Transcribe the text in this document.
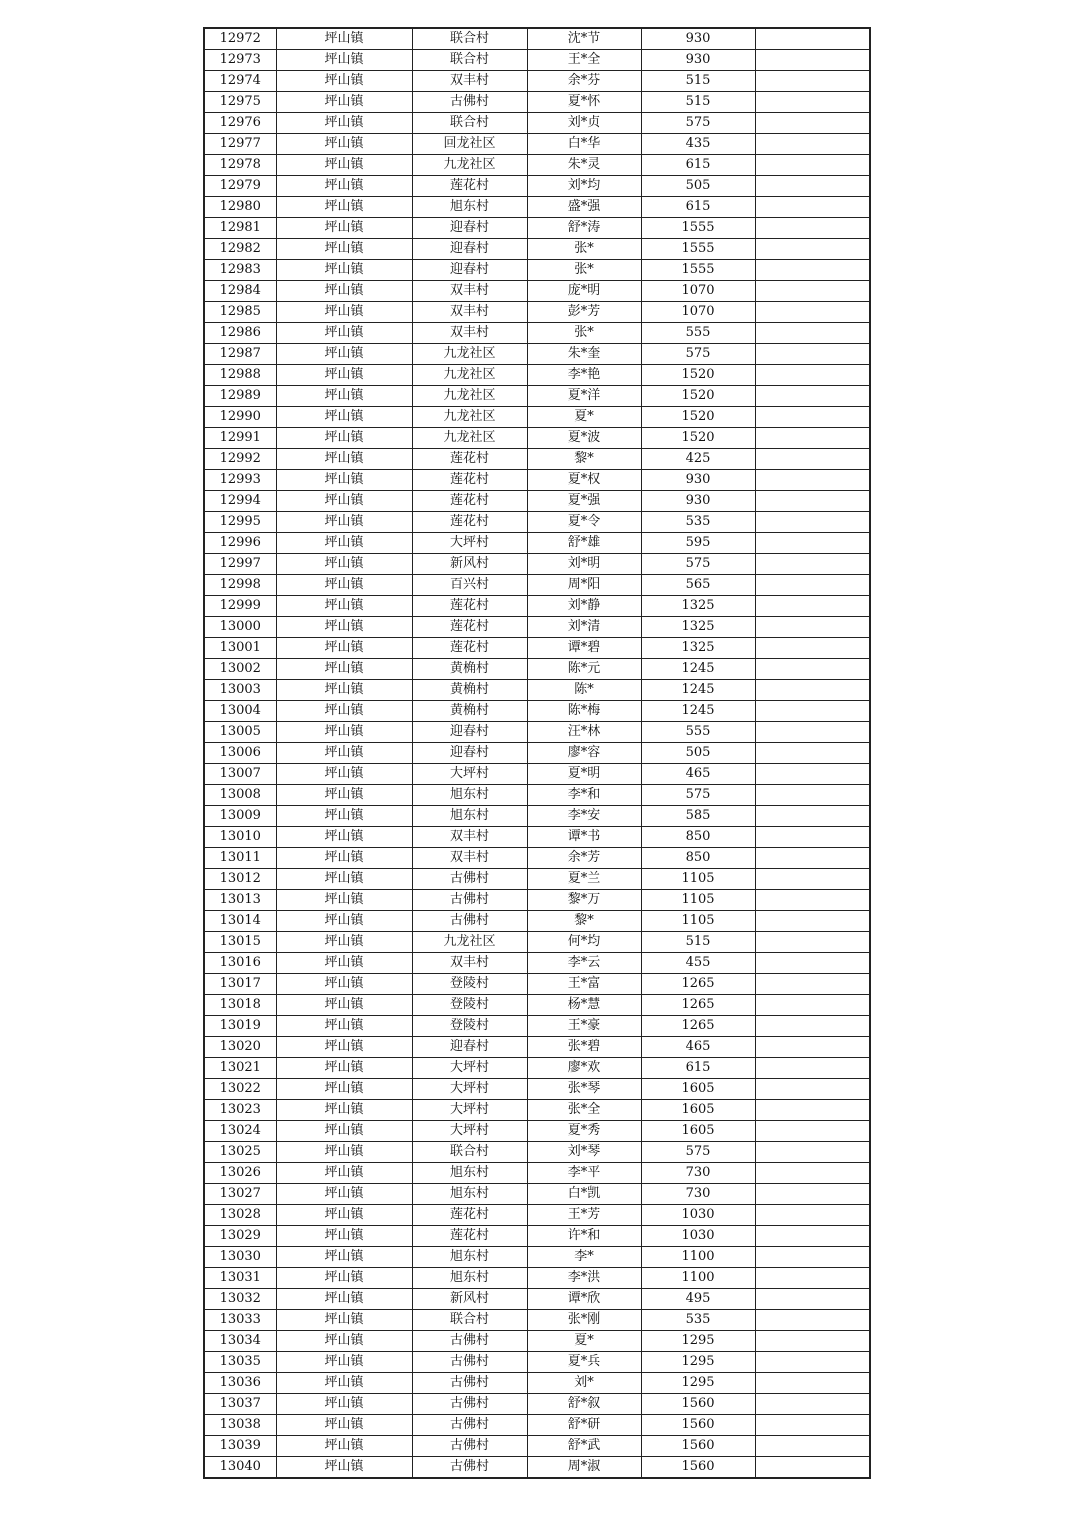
12972	坪山镇	联合村	沈*节	930	
12973	坪山镇	联合村	王*全	930	
12974	坪山镇	双丰村	余*芬	515	
12975	坪山镇	古佛村	夏*怀	515	
12976	坪山镇	联合村	刘*贞	575	
12977	坪山镇	回龙社区	白*华	435	
12978	坪山镇	九龙社区	朱*灵	615	
12979	坪山镇	莲花村	刘*均	505	
12980	坪山镇	旭东村	盛*强	615	
12981	坪山镇	迎春村	舒*涛	1555	
12982	坪山镇	迎春村	张*	1555	
12983	坪山镇	迎春村	张*	1555	
12984	坪山镇	双丰村	庞*明	1070	
12985	坪山镇	双丰村	彭*芳	1070	
12986	坪山镇	双丰村	张*	555	
12987	坪山镇	九龙社区	朱*奎	575	
12988	坪山镇	九龙社区	李*艳	1520	
12989	坪山镇	九龙社区	夏*洋	1520	
12990	坪山镇	九龙社区	夏*	1520	
12991	坪山镇	九龙社区	夏*波	1520	
12992	坪山镇	莲花村	黎*	425	
12993	坪山镇	莲花村	夏*权	930	
12994	坪山镇	莲花村	夏*强	930	
12995	坪山镇	莲花村	夏*令	535	
12996	坪山镇	大坪村	舒*雄	595	
12997	坪山镇	新风村	刘*明	575	
12998	坪山镇	百兴村	周*阳	565	
12999	坪山镇	莲花村	刘*静	1325	
13000	坪山镇	莲花村	刘*清	1325	
13001	坪山镇	莲花村	谭*碧	1325	
13002	坪山镇	黄桷村	陈*元	1245	
13003	坪山镇	黄桷村	陈*	1245	
13004	坪山镇	黄桷村	陈*梅	1245	
13005	坪山镇	迎春村	汪*林	555	
13006	坪山镇	迎春村	廖*容	505	
13007	坪山镇	大坪村	夏*明	465	
13008	坪山镇	旭东村	李*和	575	
13009	坪山镇	旭东村	李*安	585	
13010	坪山镇	双丰村	谭*书	850	
13011	坪山镇	双丰村	余*芳	850	
13012	坪山镇	古佛村	夏*兰	1105	
13013	坪山镇	古佛村	黎*万	1105	
13014	坪山镇	古佛村	黎*	1105	
13015	坪山镇	九龙社区	何*均	515	
13016	坪山镇	双丰村	李*云	455	
13017	坪山镇	登陵村	王*富	1265	
13018	坪山镇	登陵村	杨*慧	1265	
13019	坪山镇	登陵村	王*豪	1265	
13020	坪山镇	迎春村	张*碧	465	
13021	坪山镇	大坪村	廖*欢	615	
13022	坪山镇	大坪村	张*琴	1605	
13023	坪山镇	大坪村	张*全	1605	
13024	坪山镇	大坪村	夏*秀	1605	
13025	坪山镇	联合村	刘*琴	575	
13026	坪山镇	旭东村	李*平	730	
13027	坪山镇	旭东村	白*凯	730	
13028	坪山镇	莲花村	王*芳	1030	
13029	坪山镇	莲花村	许*和	1030	
13030	坪山镇	旭东村	李*	1100	
13031	坪山镇	旭东村	李*洪	1100	
13032	坪山镇	新风村	谭*欣	495	
13033	坪山镇	联合村	张*刚	535	
13034	坪山镇	古佛村	夏*	1295	
13035	坪山镇	古佛村	夏*兵	1295	
13036	坪山镇	古佛村	刘*	1295	
13037	坪山镇	古佛村	舒*叙	1560	
13038	坪山镇	古佛村	舒*研	1560	
13039	坪山镇	古佛村	舒*武	1560	
13040	坪山镇	古佛村	周*淑	1560	
